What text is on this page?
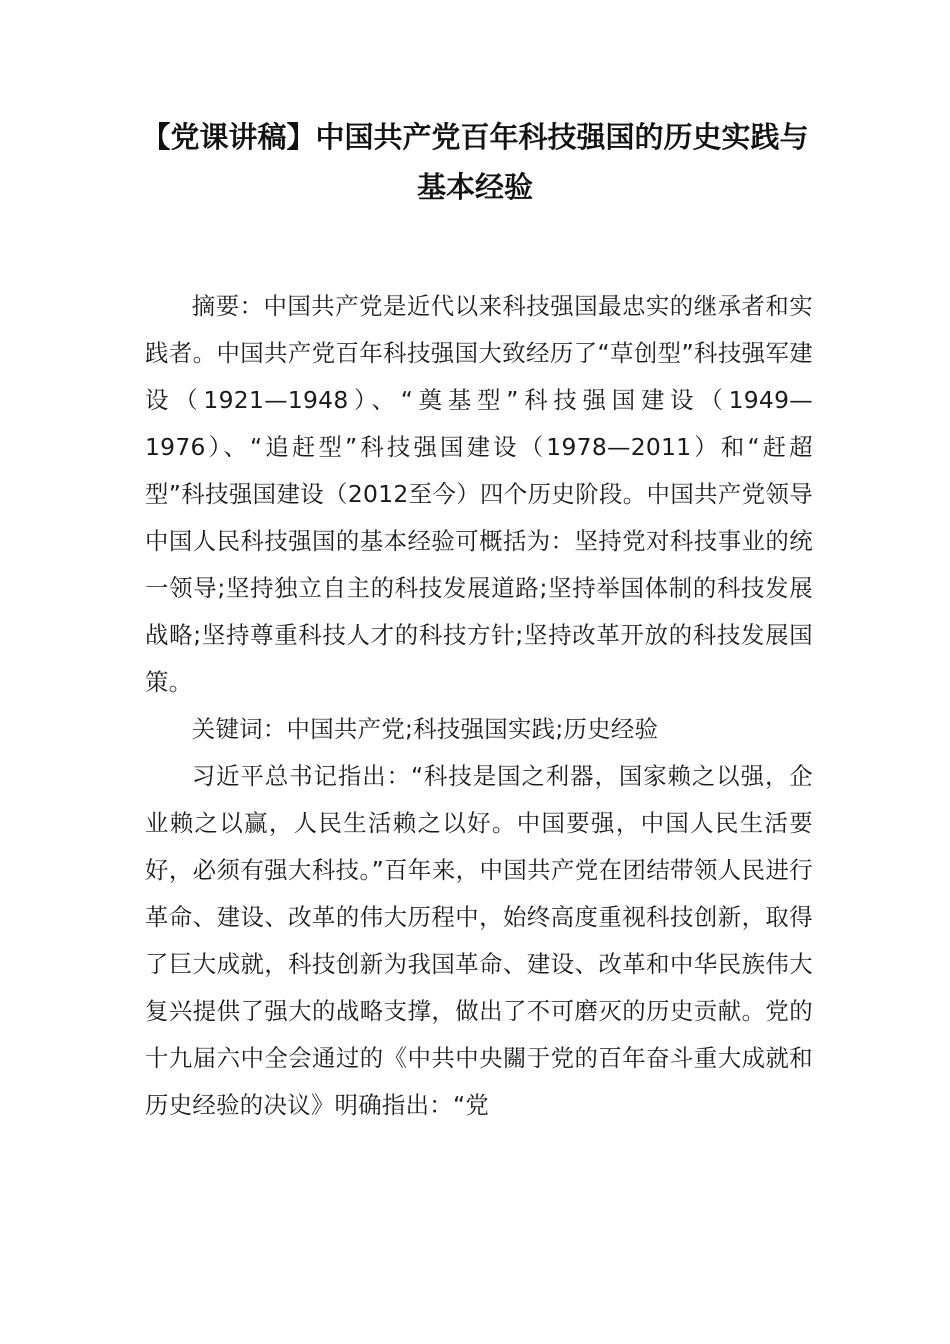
【党课讲稿】中国共产党百年科技强国的历史实践与基本经验

摘要：中国共产党是近代以来科技强国最忠实的继承者和实践者。中国共产党百年科技强国大致经历了“草创型”科技强军建设（1921—1948）、“奠基型”科技强国建设（1949—1976）、“追赶型”科技强国建设（1978—2011）和“赶超型”科技强国建设（2012至今）四个历史阶段。中国共产党领导中国人民科技强国的基本经验可概括为：坚持党对科技事业的统一领导;坚持独立自主的科技发展道路;坚持举国体制的科技发展战略;坚持尊重科技人才的科技方针;坚持改革开放的科技发展国策。

关键词：中国共产党;科技强国实践;历史经验

习近平总书记指出：“科技是国之利器，国家赖之以强，企业赖之以赢，人民生活赖之以好。中国要强，中国人民生活要好，必须有强大科技。”百年来，中国共产党在团结带领人民进行革命、建设、改革的伟大历程中，始终高度重视科技创新，取得了巨大成就，科技创新为我国革命、建设、改革和中华民族伟大复兴提供了强大的战略支撑，做出了不可磨灭的历史贡献。党的十九届六中全会通过的《中共中央關于党的百年奋斗重大成就和历史经验的决议》明确指出：“党
